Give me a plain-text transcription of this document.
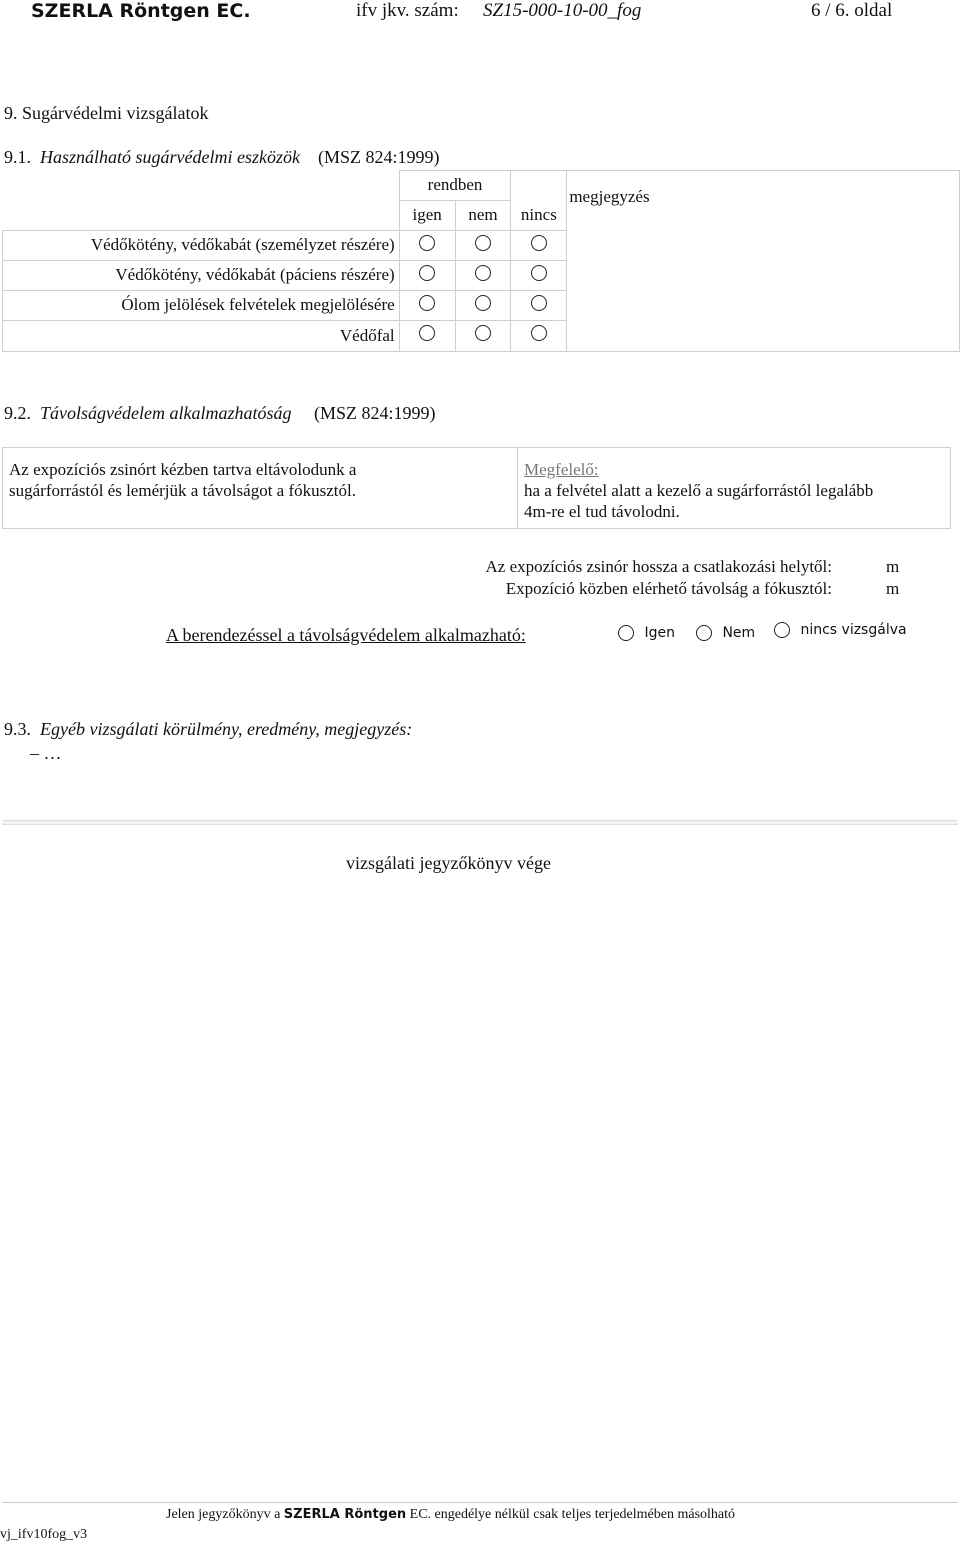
SZERLA Röntgen EC.	ifv jkv. szám: SZ15-000-10-00_fog	6 / 6. oldal
9. Sugárvédelmi vizsgálatok
9.1. Használható sugárvédelmi eszközök (MSZ 824:1999)
	rendben			megjegyzés
	igen	nem	nincs	
Védőkötény, védőkabát (személyzet részére)				
Védőkötény, védőkabát (páciens részére)				
Ólom jelölések felvételek megjelölésére				
Védőfal				
9.2. Távolságvédelem alkalmazhatóság (MSZ 824:1999)
Az expozíciós zsinórt kézben tartva eltávolodunk a
sugárforrástól és lemérjük a távolságot a fókusztól.

Megfelelő:
ha a felvétel alatt a kezelő a sugárforrástól legalább
4m-re el tud távolodni.
Az expozíciós zsinór hossza a csatlakozási helytől:	m
Expozíció közben elérhető távolság a fókusztól:	m
A berendezéssel a távolságvédelem alkalmazható:	Igen	Nem	nincs vizsgálva
9.3. Egyéb vizsgálati körülmény, eredmény, megjegyzés:
– …
vizsgálati jegyzőkönyv vége
vj_ifv10fog_v3
Jelen jegyzőkönyv a SZERLA Röntgen EC. engedélye nélkül csak teljes terjedelmében másolható
